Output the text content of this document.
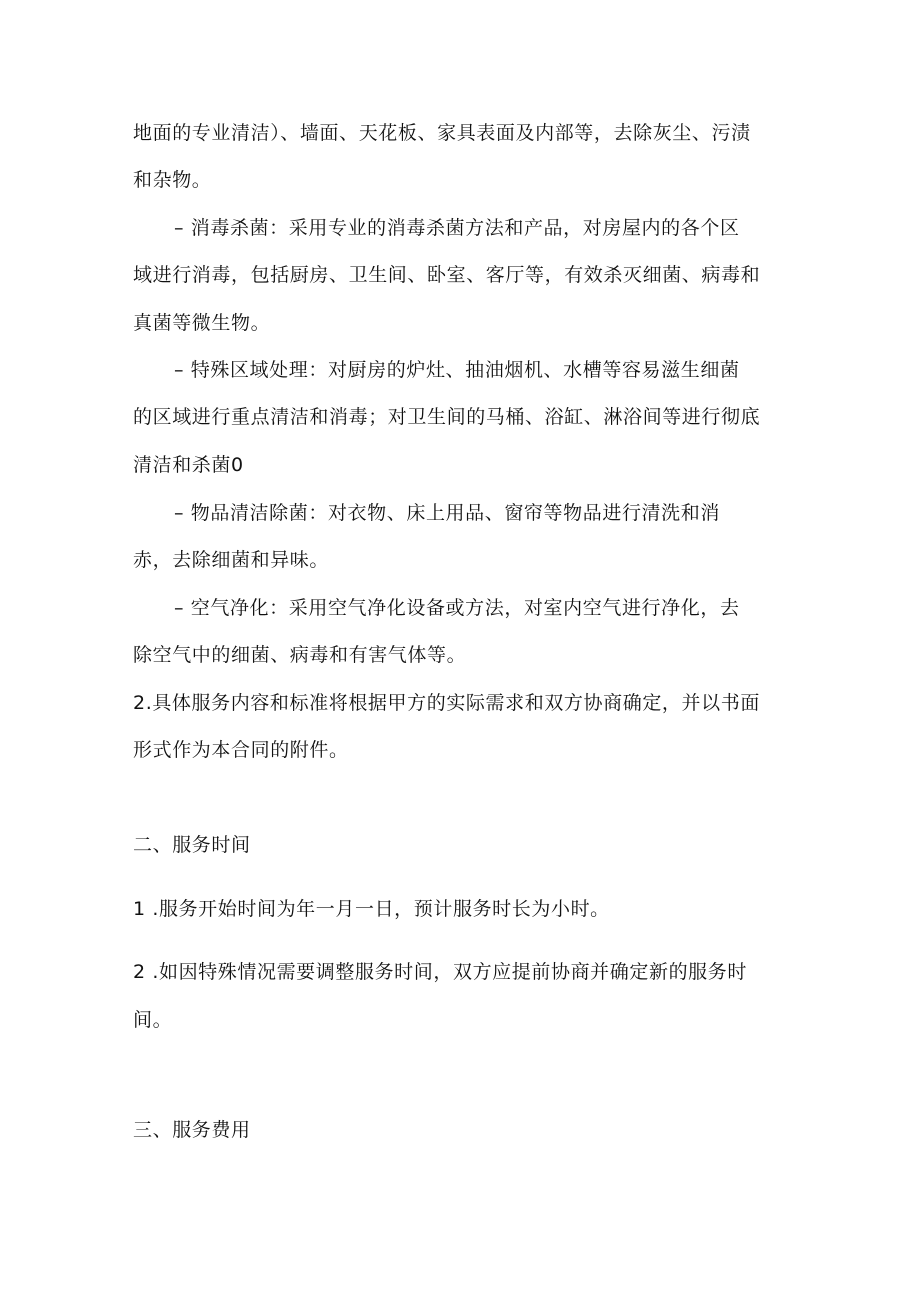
地面的专业清洁）、墙面、天花板、家具表面及内部等，去除灰尘、污渍
和杂物。
– 消毒杀菌：采用专业的消毒杀菌方法和产品，对房屋内的各个区
域进行消毒，包括厨房、卫生间、卧室、客厅等，有效杀灭细菌、病毒和
真菌等微生物。
– 特殊区域处理：对厨房的炉灶、抽油烟机、水槽等容易滋生细菌
的区域进行重点清洁和消毒；对卫生间的马桶、浴缸、淋浴间等进行彻底
清洁和杀菌0
– 物品清洁除菌：对衣物、床上用品、窗帘等物品进行清洗和消
赤，去除细菌和异味。
– 空气净化：采用空气净化设备或方法，对室内空气进行净化，去
除空气中的细菌、病毒和有害气体等。
2.具体服务内容和标准将根据甲方的实际需求和双方协商确定，并以书面
形式作为本合同的附件。
二、服务时间
1 .服务开始时间为年一月一日，预计服务时长为小时。
2 .如因特殊情况需要调整服务时间，双方应提前协商并确定新的服务时
间。
三、服务费用
